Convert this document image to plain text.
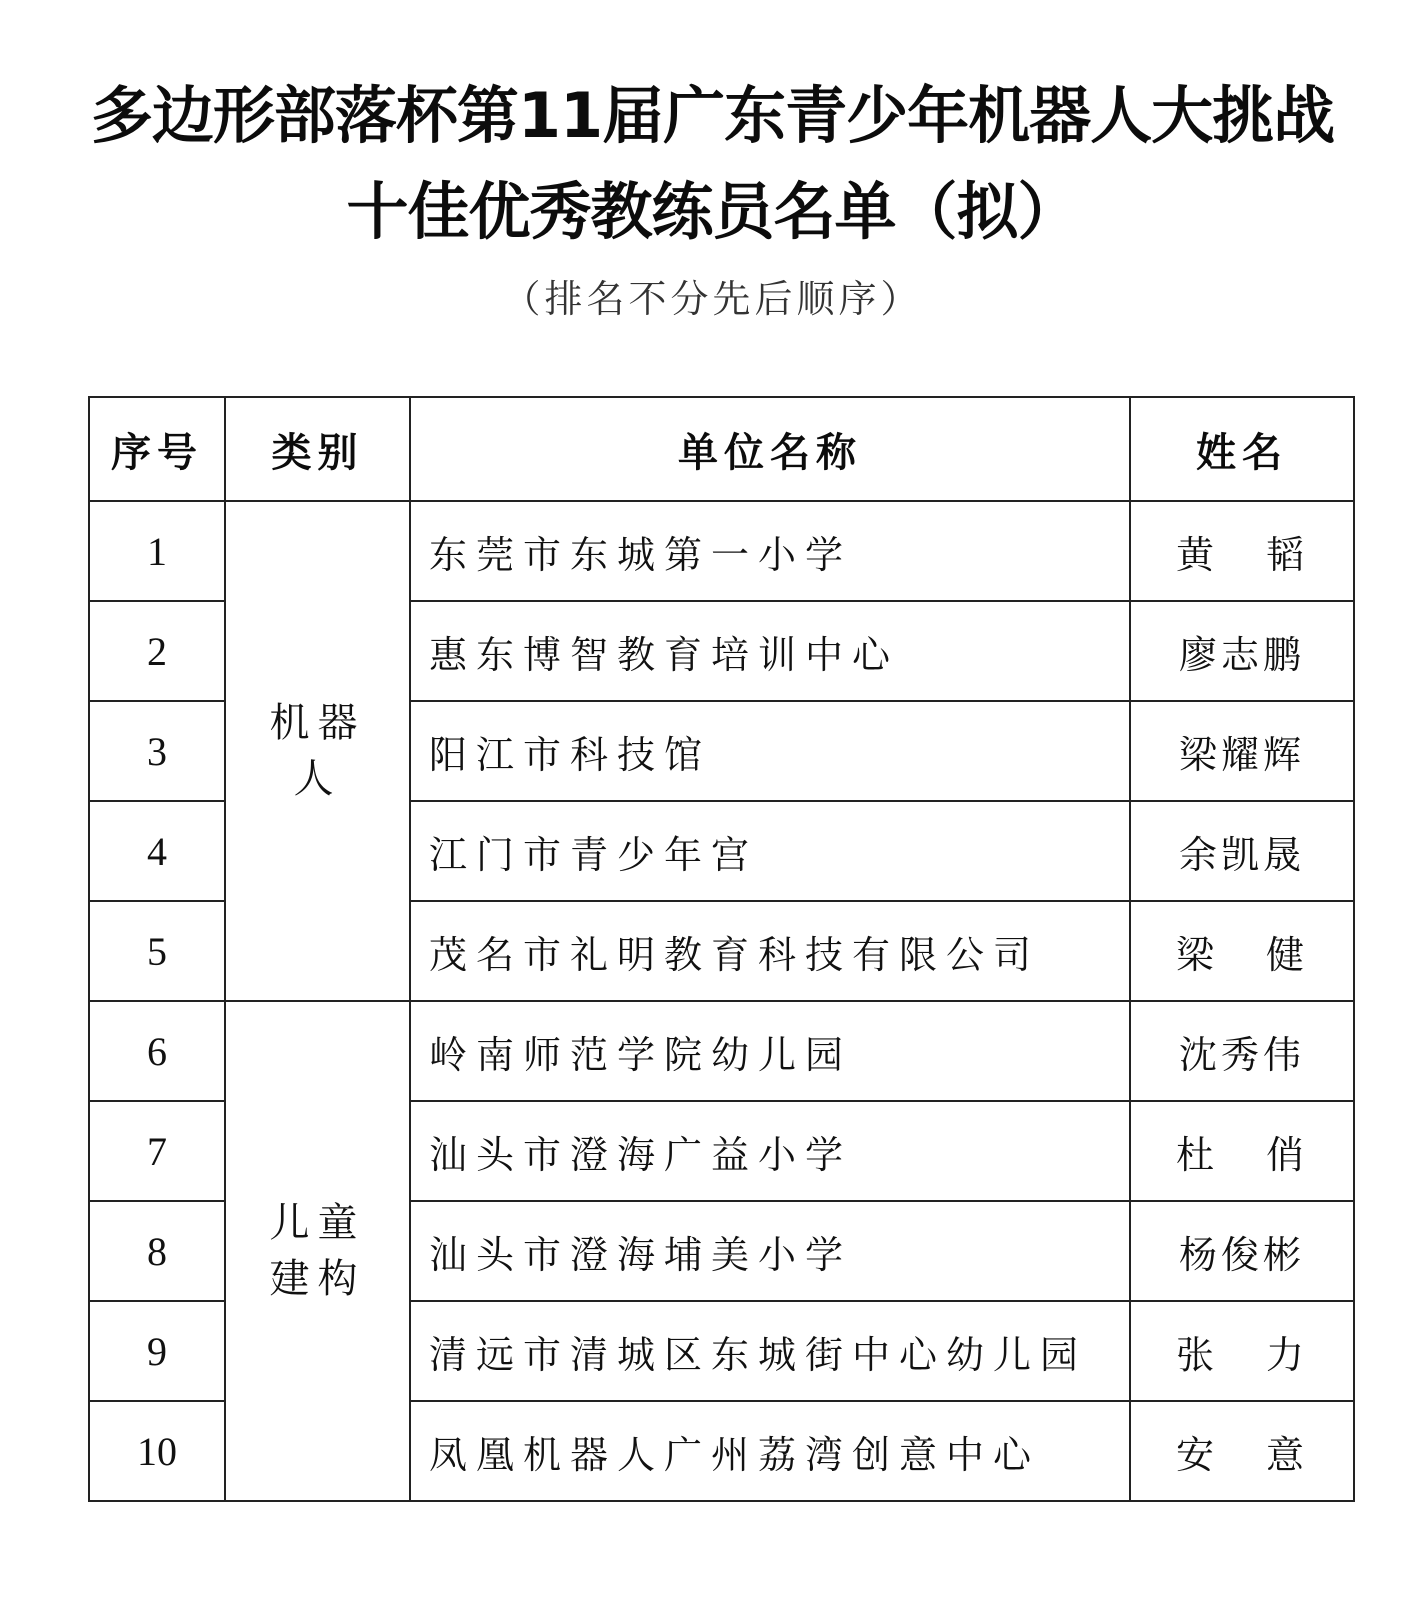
多边形部落杯第11届广东青少年机器人大挑战
十佳优秀教练员名单（拟）
（排名不分先后顺序）
序号	类别	单位名称	姓名
1	机器人	东莞市东城第一小学	黄　韬
2		惠东博智教育培训中心	廖志鹏
3		阳江市科技馆	梁耀辉
4		江门市青少年宫	余凯晟
5		茂名市礼明教育科技有限公司	梁　健
6	儿童建构	岭南师范学院幼儿园	沈秀伟
7		汕头市澄海广益小学	杜　俏
8		汕头市澄海埔美小学	杨俊彬
9		清远市清城区东城街中心幼儿园	张　力
10		凤凰机器人广州荔湾创意中心	安　意
